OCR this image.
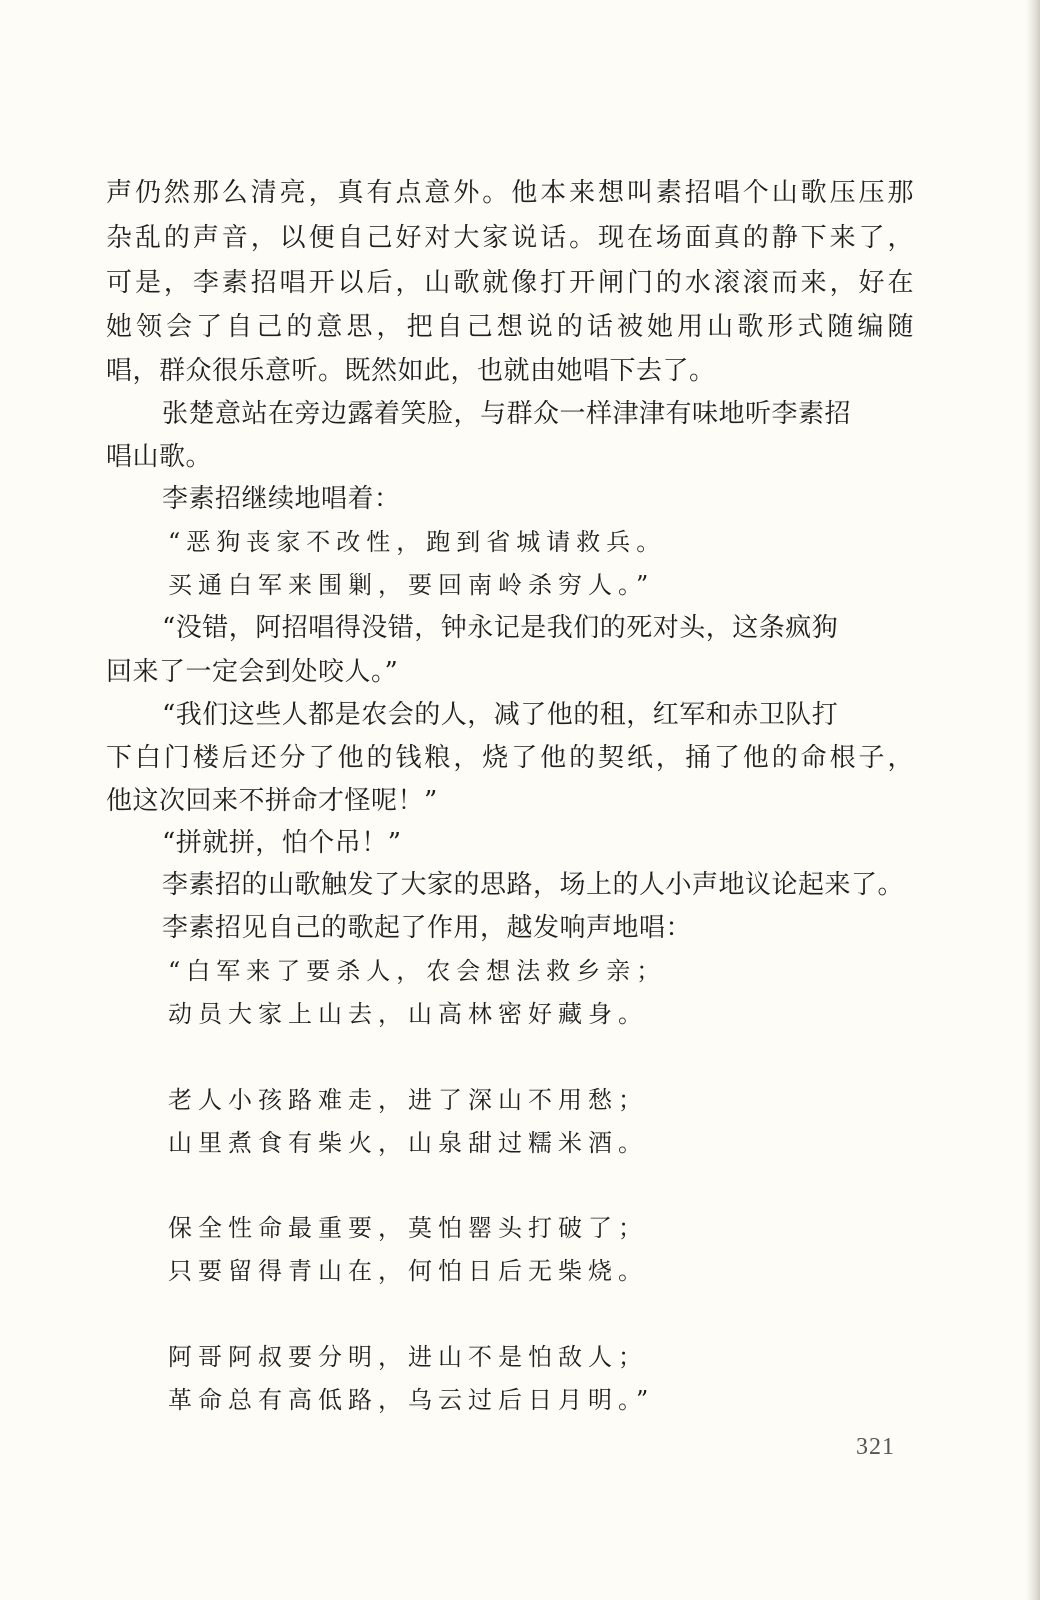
声仍然那么清亮，真有点意外。他本来想叫素招唱个山歌压压那
杂乱的声音，以便自己好对大家说话。现在场面真的静下来了，
可是，李素招唱开以后，山歌就像打开闸门的水滚滚而来，好在
她领会了自己的意思，把自己想说的话被她用山歌形式随编随
唱，群众很乐意听。既然如此，也就由她唱下去了。
张楚意站在旁边露着笑脸，与群众一样津津有味地听李素招
唱山歌。
李素招继续地唱着：
“恶狗丧家不改性，跑到省城请救兵。
买通白军来围剿，要回南岭杀穷人。”
“没错，阿招唱得没错，钟永记是我们的死对头，这条疯狗
回来了一定会到处咬人。”
“我们这些人都是农会的人，减了他的租，红军和赤卫队打
下白门楼后还分了他的钱粮，烧了他的契纸，捅了他的命根子，
他这次回来不拼命才怪呢！”
“拼就拼，怕个吊！”
李素招的山歌触发了大家的思路，场上的人小声地议论起来了。
李素招见自己的歌起了作用，越发响声地唱：
“白军来了要杀人，农会想法救乡亲；
动员大家上山去，山高林密好藏身。
老人小孩路难走，进了深山不用愁；
山里煮食有柴火，山泉甜过糯米酒。
保全性命最重要，莫怕罂头打破了；
只要留得青山在，何怕日后无柴烧。
阿哥阿叔要分明，进山不是怕敌人；
革命总有高低路，乌云过后日月明。”
321
